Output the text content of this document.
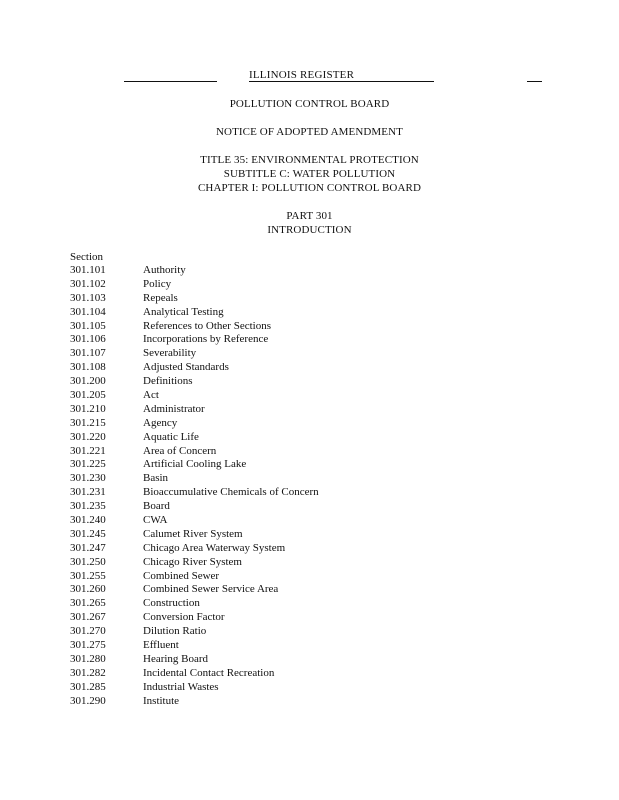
ILLINOIS REGISTER
POLLUTION CONTROL BOARD
NOTICE OF ADOPTED AMENDMENT
TITLE 35: ENVIRONMENTAL PROTECTION
SUBTITLE C: WATER POLLUTION
CHAPTER I: POLLUTION CONTROL BOARD
PART 301
INTRODUCTION
Section
301.101	Authority
301.102	Policy
301.103	Repeals
301.104	Analytical Testing
301.105	References to Other Sections
301.106	Incorporations by Reference
301.107	Severability
301.108	Adjusted Standards
301.200	Definitions
301.205	Act
301.210	Administrator
301.215	Agency
301.220	Aquatic Life
301.221	Area of Concern
301.225	Artificial Cooling Lake
301.230	Basin
301.231	Bioaccumulative Chemicals of Concern
301.235	Board
301.240	CWA
301.245	Calumet River System
301.247	Chicago Area Waterway System
301.250	Chicago River System
301.255	Combined Sewer
301.260	Combined Sewer Service Area
301.265	Construction
301.267	Conversion Factor
301.270	Dilution Ratio
301.275	Effluent
301.280	Hearing Board
301.282	Incidental Contact Recreation
301.285	Industrial Wastes
301.290	Institute
